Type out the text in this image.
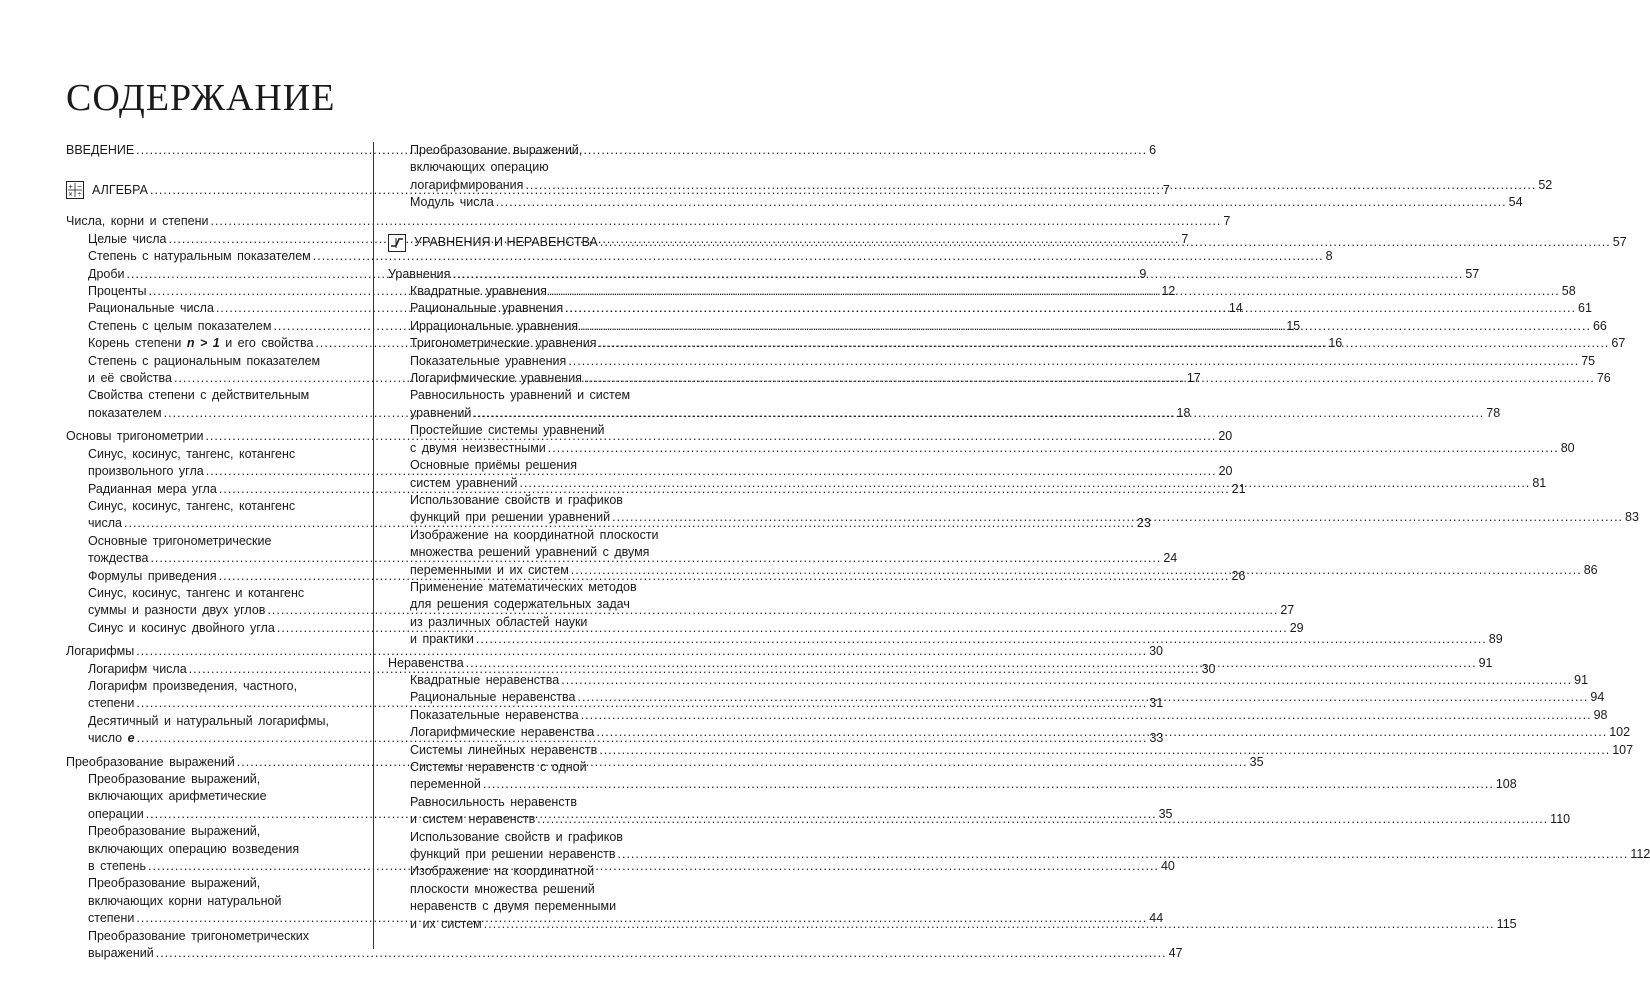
СОДЕРЖАНИЕ
ВВЕДЕНИЕ .....	6
+ −
× ÷ АЛГЕБРА .....	7
Числа, корни и степени .....	7
Целые числа .....	7
Степень с натуральным показателем .....	8
Дроби .....	9
Проценты .....	12
Рациональные числа .....	14
Степень с целым показателем .....	15
Корень степени n > 1 и его свойства .....	16
Степень с рациональным показателем
и её свойства .....	17
Свойства степени с действительным
показателем .....	18
Основы тригонометрии .....	20
Синус, косинус, тангенс, котангенс
произвольного угла .....	20
Радианная мера угла .....	21
Синус, косинус, тангенс, котангенс
числа .....	23
Основные тригонометрические
тождества .....	24
Формулы приведения .....	26
Синус, косинус, тангенс и котангенс
суммы и разности двух углов .....	27
Синус и косинус двойного угла .....	29
Логарифмы .....	30
Логарифм числа .....	30
Логарифм произведения, частного,
степени .....	31
Десятичный и натуральный логарифмы,
число e .....	33
Преобразование выражений .....	35
Преобразование выражений,
включающих арифметические
операции .....	35
Преобразование выражений,
включающих операцию возведения
в степень .....	40
Преобразование выражений,
включающих корни натуральной
степени .....	44
Преобразование тригонометрических
выражений .....	47
Преобразование выражений,
включающих операцию
логарифмирования .....	52
Модуль числа .....	54
УРАВНЕНИЯ И НЕРАВЕНСТВА .....	57
Уравнения .....	57
Квадратные уравнения .....	58
Рациональные уравнения .....	61
Иррациональные уравнения .....	66
Тригонометрические уравнения .....	67
Показательные уравнения .....	75
Логарифмические уравнения .....	76
Равносильность уравнений и систем
уравнений .....	78
Простейшие системы уравнений
с двумя неизвестными .....	80
Основные приёмы решения
систем уравнений .....	81
Использование свойств и графиков
функций при решении уравнений .....	83
Изображение на координатной плоскости
множества решений уравнений с двумя
переменными и их систем .....	86
Применение математических методов
для решения содержательных задач
из различных областей науки
и практики .....	89
Неравенства .....	91
Квадратные неравенства .....	91
Рациональные неравенства .....	94
Показательные неравенства .....	98
Логарифмические неравенства .....	102
Системы линейных неравенств .....	107
Системы неравенств с одной
переменной .....	108
Равносильность неравенств
и систем неравенств .....	110
Использование свойств и графиков
функций при решении неравенств .....	112
Изображение на координатной
плоскости множества решений
неравенств с двумя переменными
и их систем .....	115
